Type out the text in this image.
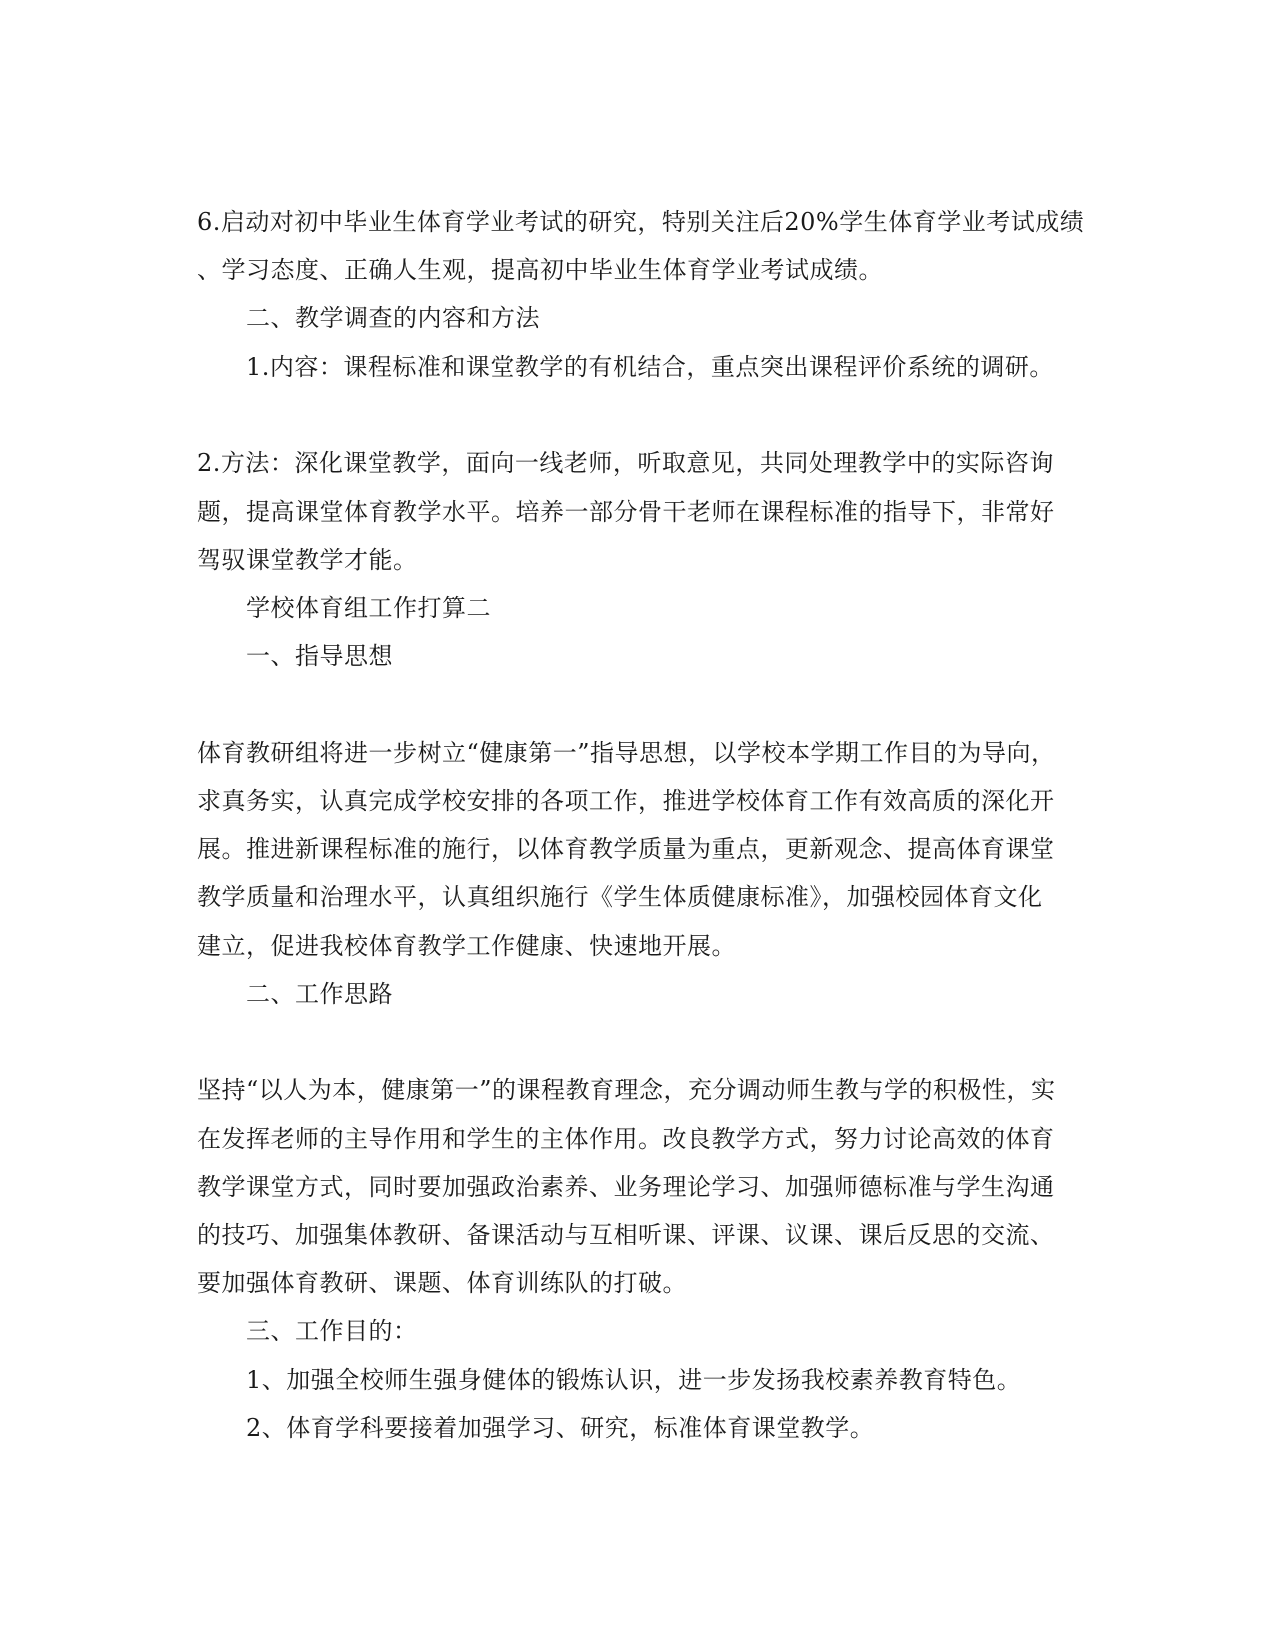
6.启动对初中毕业生体育学业考试的研究，特别关注后20%学生体育学业考试成绩
、学习态度、正确人生观，提高初中毕业生体育学业考试成绩。
二、教学调查的内容和方法
1.内容：课程标准和课堂教学的有机结合，重点突出课程评价系统的调研。
2.方法：深化课堂教学，面向一线老师，听取意见，共同处理教学中的实际咨询
题，提高课堂体育教学水平。培养一部分骨干老师在课程标准的指导下，非常好
驾驭课堂教学才能。
学校体育组工作打算二
一、指导思想
体育教研组将进一步树立“健康第一”指导思想，以学校本学期工作目的为导向，
求真务实，认真完成学校安排的各项工作，推进学校体育工作有效高质的深化开
展。推进新课程标准的施行，以体育教学质量为重点，更新观念、提高体育课堂
教学质量和治理水平，认真组织施行《学生体质健康标准》，加强校园体育文化
建立，促进我校体育教学工作健康、快速地开展。
二、工作思路
坚持“以人为本，健康第一”的课程教育理念，充分调动师生教与学的积极性，实
在发挥老师的主导作用和学生的主体作用。改良教学方式，努力讨论高效的体育
教学课堂方式，同时要加强政治素养、业务理论学习、加强师德标准与学生沟通
的技巧、加强集体教研、备课活动与互相听课、评课、议课、课后反思的交流、
要加强体育教研、课题、体育训练队的打破。
三、工作目的：
1、加强全校师生强身健体的锻炼认识，进一步发扬我校素养教育特色。
2、体育学科要接着加强学习、研究，标准体育课堂教学。
